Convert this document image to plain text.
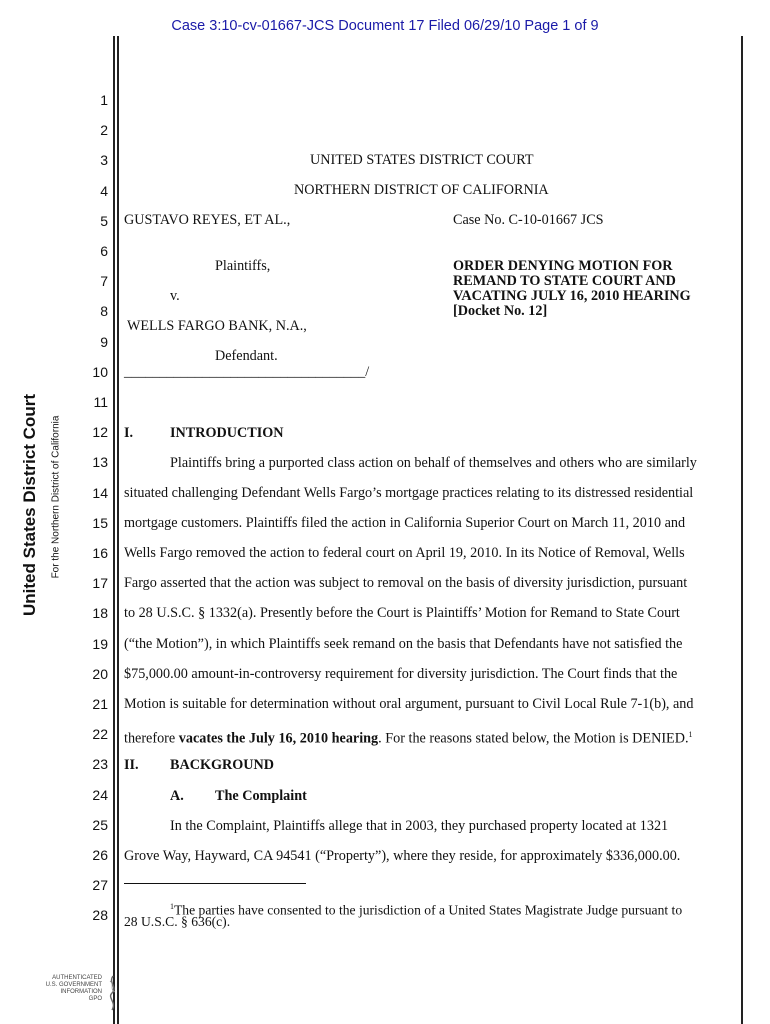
Case 3:10-cv-01667-JCS Document 17 Filed 06/29/10 Page 1 of 9
United States District Court For the Northern District of California
1
2
3
4
5
6
7
8
9
10
11
12
13
14
15
16
17
18
19
20
21
22
23
24
25
26
27
28
UNITED STATES DISTRICT COURT
NORTHERN DISTRICT OF CALIFORNIA
GUSTAVO REYES, ET AL.,	Case No. C-10-01667 JCS
Plaintiffs,
v.
WELLS FARGO BANK, N.A.,
Defendant.
__________________________________/
ORDER DENYING MOTION FOR
REMAND TO STATE COURT AND
VACATING JULY 16, 2010 HEARING
[Docket No. 12]
I.	INTRODUCTION
Plaintiffs bring a purported class action on behalf of themselves and others who are similarly
situated challenging Defendant Wells Fargo’s mortgage practices relating to its distressed residential
mortgage customers. Plaintiffs filed the action in California Superior Court on March 11, 2010 and
Wells Fargo removed the action to federal court on April 19, 2010. In its Notice of Removal, Wells
Fargo asserted that the action was subject to removal on the basis of diversity jurisdiction, pursuant
to 28 U.S.C. § 1332(a). Presently before the Court is Plaintiffs’ Motion for Remand to State Court
(“the Motion”), in which Plaintiffs seek remand on the basis that Defendants have not satisfied the
$75,000.00 amount-in-controversy requirement for diversity jurisdiction. The Court finds that the
Motion is suitable for determination without oral argument, pursuant to Civil Local Rule 7-1(b), and
therefore vacates the July 16, 2010 hearing. For the reasons stated below, the Motion is DENIED.$^1$
II. BACKGROUND
A. The Complaint
In the Complaint, Plaintiffs allege that in 2003, they purchased property located at 1321
Grove Way, Hayward, CA 94541 (“Property”), where they reside, for approximately $336,000.00.
$^1$The parties have consented to the jurisdiction of a United States Magistrate Judge pursuant to
28 U.S.C. § 636(c).
AUTHENTICATED
U.S. GOVERNMENT
INFORMATION
GPO
